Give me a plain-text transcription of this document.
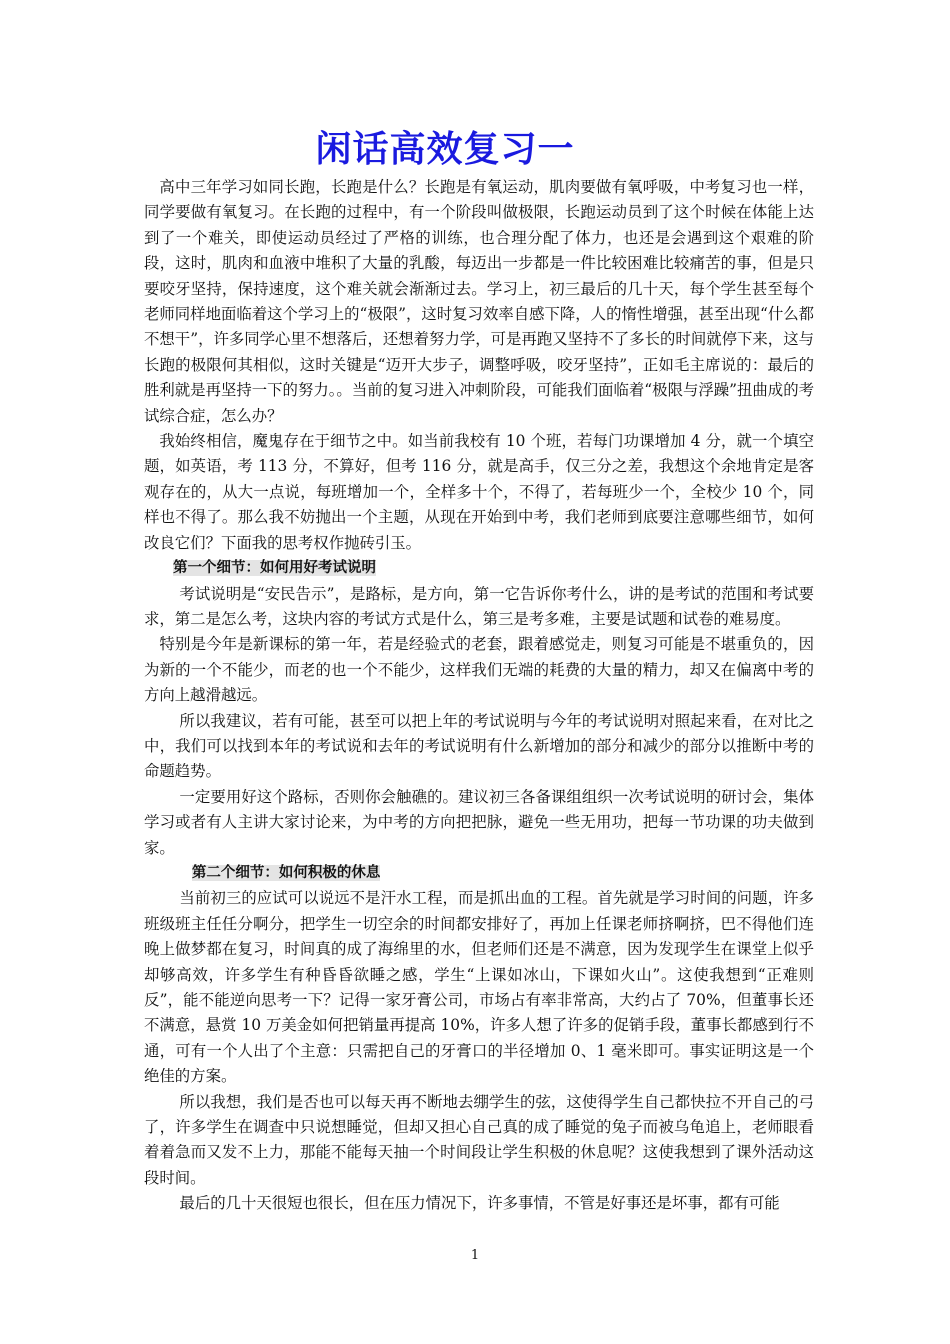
闲话高效复习一

高中三年学习如同长跑，长跑是什么？长跑是有氧运动，肌肉要做有氧呼吸，中考复习也一样，同学要做有氧复习。在长跑的过程中，有一个阶段叫做极限，长跑运动员到了这个时候在体能上达到了一个难关，即使运动员经过了严格的训练，也合理分配了体力，也还是会遇到这个艰难的阶段，这时，肌肉和血液中堆积了大量的乳酸，每迈出一步都是一件比较困难比较痛苦的事，但是只要咬牙坚持，保持速度，这个难关就会渐渐过去。学习上，初三最后的几十天，每个学生甚至每个老师同样地面临着这个学习上的“极限”，这时复习效率自感下降，人的惰性增强，甚至出现“什么都不想干”，许多同学心里不想落后，还想着努力学，可是再跑又坚持不了多长的时间就停下来，这与长跑的极限何其相似，这时关键是“迈开大步子，调整呼吸，咬牙坚持”，正如毛主席说的：最后的胜利就是再坚持一下的努力。。当前的复习进入冲刺阶段，可能我们面临着“极限与浮躁”扭曲成的考试综合症，怎么办？

我始终相信，魔鬼存在于细节之中。如当前我校有 10 个班，若每门功课增加 4 分，就一个填空题，如英语，考 113 分，不算好，但考 116 分，就是高手，仅三分之差，我想这个余地肯定是客观存在的，从大一点说，每班增加一个，全样多十个，不得了，若每班少一个，全校少 10 个，同样也不得了。那么我不妨抛出一个主题，从现在开始到中考，我们老师到底要注意哪些细节，如何改良它们？下面我的思考权作抛砖引玉。

第一个细节：如何用好考试说明

考试说明是“安民告示”，是路标，是方向，第一它告诉你考什么，讲的是考试的范围和考试要求，第二是怎么考，这块内容的考试方式是什么，第三是考多难，主要是试题和试卷的难易度。

特别是今年是新课标的第一年，若是经验式的老套，跟着感觉走，则复习可能是不堪重负的，因为新的一个不能少，而老的也一个不能少，这样我们无端的耗费的大量的精力，却又在偏离中考的方向上越滑越远。

所以我建议，若有可能，甚至可以把上年的考试说明与今年的考试说明对照起来看，在对比之中，我们可以找到本年的考试说和去年的考试说明有什么新增加的部分和减少的部分以推断中考的命题趋势。

一定要用好这个路标，否则你会触礁的。建议初三各备课组组织一次考试说明的研讨会，集体学习或者有人主讲大家讨论来，为中考的方向把把脉，避免一些无用功，把每一节功课的功夫做到家。

第二个细节：如何积极的休息

当前初三的应试可以说远不是汗水工程，而是抓出血的工程。首先就是学习时间的问题，许多班级班主任任分啊分，把学生一切空余的时间都安排好了，再加上任课老师挤啊挤，巴不得他们连晚上做梦都在复习，时间真的成了海绵里的水，但老师们还是不满意，因为发现学生在课堂上似乎却够高效，许多学生有种昏昏欲睡之感，学生“上课如冰山，下课如火山”。这使我想到“正难则反”，能不能逆向思考一下？记得一家牙膏公司，市场占有率非常高，大约占了 70%，但董事长还不满意，悬赏 10 万美金如何把销量再提高 10%，许多人想了许多的促销手段，董事长都感到行不通，可有一个人出了个主意：只需把自己的牙膏口的半径增加 0、1 毫米即可。事实证明这是一个绝佳的方案。

所以我想，我们是否也可以每天再不断地去绷学生的弦，这使得学生自己都快拉不开自己的弓了，许多学生在调查中只说想睡觉，但却又担心自己真的成了睡觉的兔子而被乌龟追上，老师眼看着着急而又发不上力，那能不能每天抽一个时间段让学生积极的休息呢？这使我想到了课外活动这段时间。

最后的几十天很短也很长，但在压力情况下，许多事情，不管是好事还是坏事，都有可能

1
